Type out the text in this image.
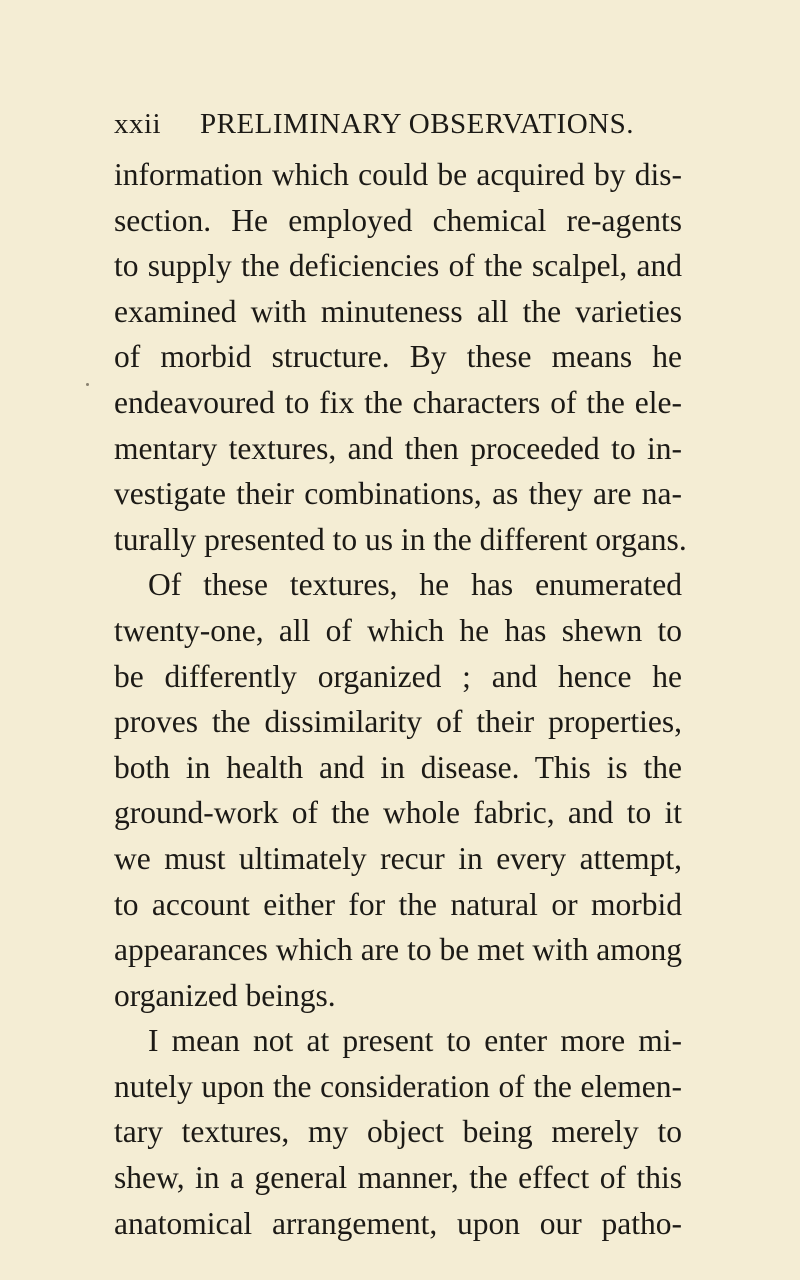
xxii PRELIMINARY OBSERVATIONS.
information which could be acquired by dis-
section. He employed chemical re-agents
to supply the deficiencies of the scalpel, and
examined with minuteness all the varieties
of morbid structure. By these means he
endeavoured to fix the characters of the ele-
mentary textures, and then proceeded to in-
vestigate their combinations, as they are na-
turally presented to us in the different organs.
Of these textures, he has enumerated
twenty-one, all of which he has shewn to
be differently organized ; and hence he
proves the dissimilarity of their properties,
both in health and in disease. This is the
ground-work of the whole fabric, and to it
we must ultimately recur in every attempt,
to account either for the natural or morbid
appearances which are to be met with among
organized beings.
I mean not at present to enter more mi-
nutely upon the consideration of the elemen-
tary textures, my object being merely to
shew, in a general manner, the effect of this
anatomical arrangement, upon our patho-
